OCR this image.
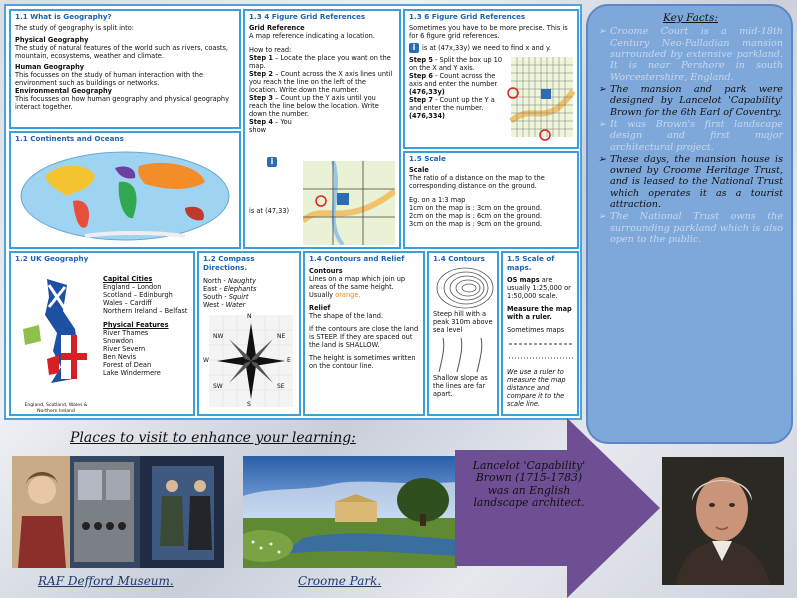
1.1 What is Geography?
The study of geography is split into:
Physical Geography
The study of natural features of the world such as rivers, coasts, mountain, ecosystems, weather and climate.
Human Geography
This focusses on the study of human interaction with the environment such as buildings or networks.
Environmental Geography
This focusses on how human geography and physical geography interact together.
1.3 4 Figure Grid References
Grid Reference
A map reference indicating a location.
How to read:
Step 1 – Locate the place you want on the map.
Step 2 – Count across the X axis lines until you reach the line on the left of the location. Write down the number.
Step 3 – Count up the Y axis until you reach the line below the location. Write down the number.
Step 4 – You
show
i
is at (47,33)
1.3 6 Figure Grid References
Sometimes you have to be more precise. This is for 6 figure grid references.
i is at (47x,33y) we need to find x and y.
Step 5 - Split the box up 10 on the X and Y axis.
Step 6 - Count across the axis and enter the number
(476,33y)
Step 7 - Count up the Y a and enter the number.
(476,334)
1.1 Continents and Oceans
1.5 Scale
Scale
The ratio of a distance on the map to the corresponding distance on the ground.
Eg. on a 1:3 map
1cm on the map is : 3cm on the ground.
2cm on the map is : 6cm on the ground.
3cm on the map is : 9cm on the ground.
1.2 UK Geography
England, Scotland, Wales & Northern Ireland
Capital Cities
England – London
Scotland – Edinburgh
Wales – Cardiff
Northern Ireland – Belfast
Physical Features
River Thames
Snowdon
River Severn
Ben Nevis
Forest of Dean
Lake Windermere
1.2 Compass Directions.
North - Naughty
East - Elephants
South - Squirt
West - Water
N
NE
E
SE
S
SW
W
NW
1.4 Contours and Relief
Contours
Lines on a map which join up areas of the same height. Usually orange.
Relief
The shape of the land.
If the contours are close the land is STEEP. If they are spaced out the land is SHALLOW.
The height is sometimes written on the contour line.
1.4 Contours
Steep hill with a peak 310m above sea level
Shallow slope as the lines are far apart.
1.5 Scale of maps.
OS maps are usually 1:25,000 or 1:50,000 scale.
Measure the map with a ruler.
Sometimes maps
We use a ruler to measure the map distance and compare it to the scale line.
Key Facts:
➢ Croome Court is a mid-18th Century Neo-Palladian mansion surrounded by extensive parkland. It is near Pershore in south Worcestershire, England.
➢ The mansion and park were designed by Lancelot 'Capability' Brown for the 6th Earl of Coventry.
➢ It was Brown's first landscape design and first major architectural project.
➢ These days, the mansion house is owned by Croome Heritage Trust, and is leased to the National Trust which operates it as a tourist attraction.
➢ The National Trust owns the surrounding parkland which is also open to the public.
Places to visit to enhance your learning:
RAF Defford Museum.	Croome Park.
Lancelot 'Capability' Brown (1715-1783) was an English landscape architect.
